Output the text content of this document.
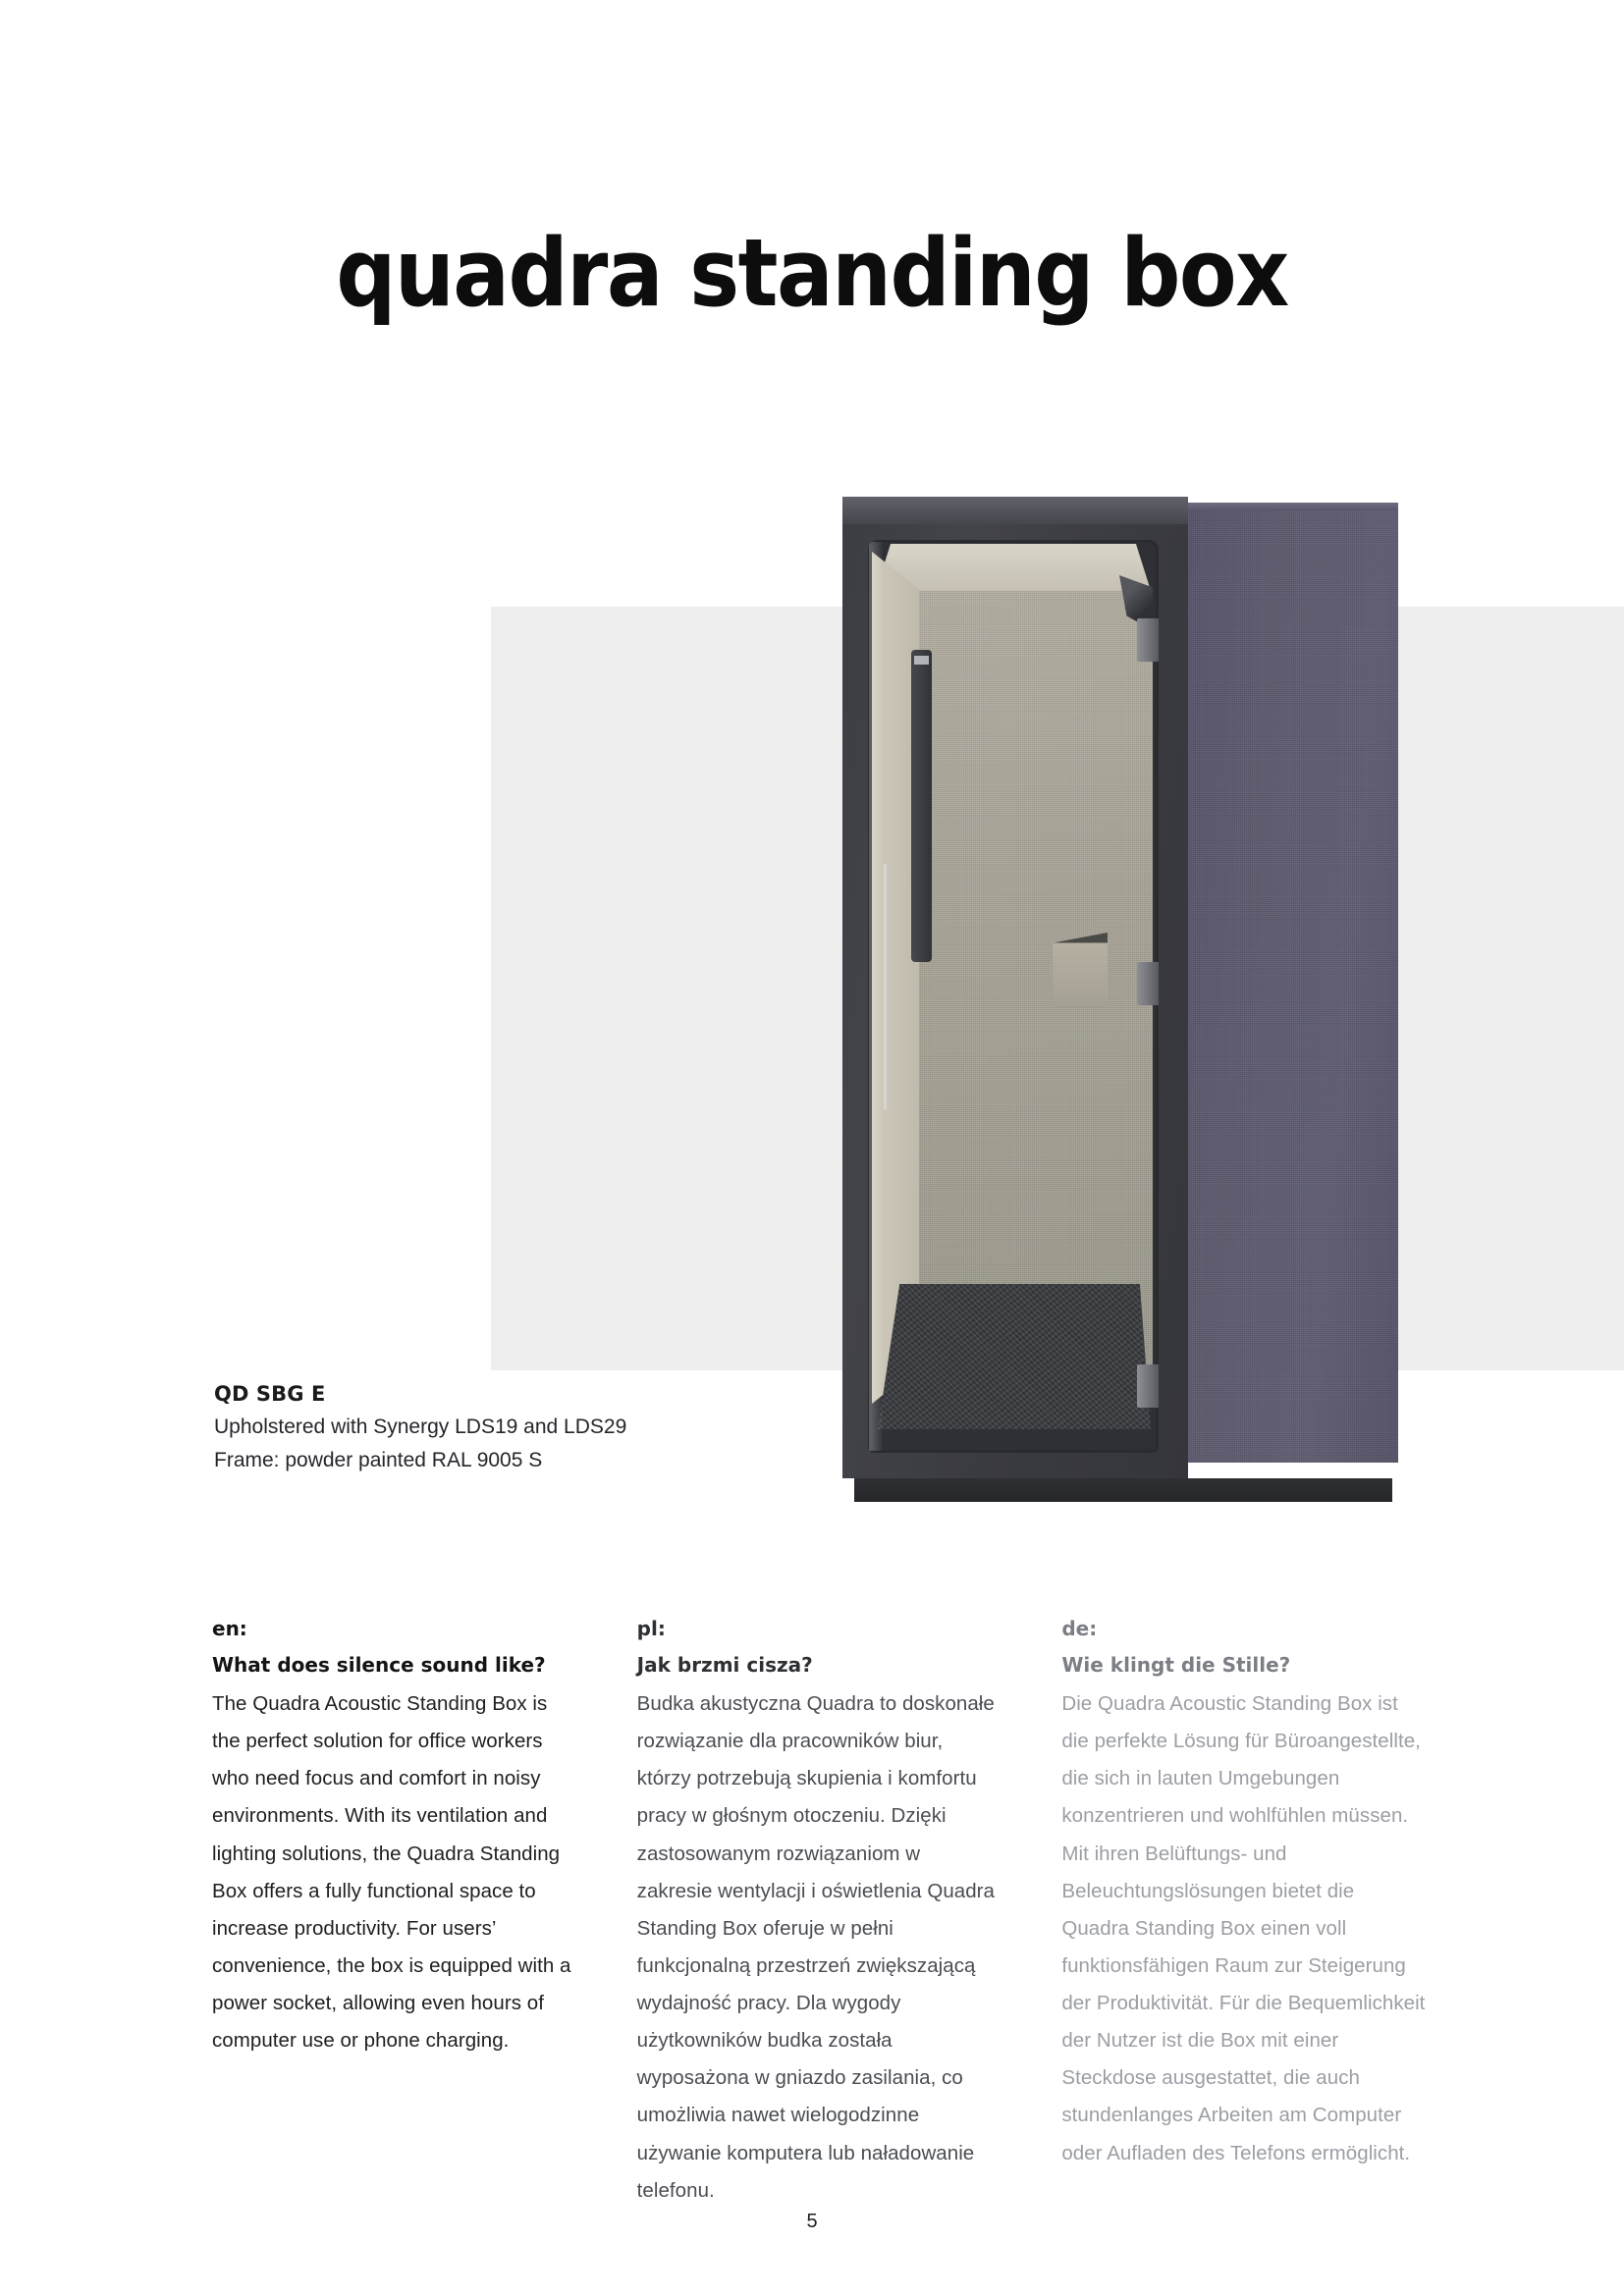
quadra standing box
QD SBG E
Upholstered with Synergy LDS19 and LDS29
Frame: powder painted RAL 9005 S
en:
What does silence sound like?
The Quadra Acoustic Standing Box is the perfect solution for office workers who need focus and comfort in noisy environments. With its ventilation and lighting solutions, the Quadra Standing Box offers a fully functional space to increase productivity. For users’ convenience, the box is equipped with a power socket, allowing even hours of computer use or phone charging.
pl:
Jak brzmi cisza?
Budka akustyczna Quadra to doskonałe rozwiązanie dla pracowników biur, którzy potrzebują skupienia i komfortu pracy w głośnym otoczeniu. Dzięki zastosowanym rozwiązaniom w zakresie wentylacji i oświetlenia Quadra Standing Box oferuje w pełni funkcjonalną przestrzeń zwiększającą wydajność pracy. Dla wygody użytkowników budka została wyposażona w gniazdo zasilania, co umożliwia nawet wielogodzinne używanie komputera lub naładowanie telefonu.
de:
Wie klingt die Stille?
Die Quadra Acoustic Standing Box ist die perfekte Lösung für Büroangestellte, die sich in lauten Umgebungen konzentrieren und wohlfühlen müssen. Mit ihren Belüftungs- und Beleuchtungslösungen bietet die Quadra Standing Box einen voll funktionsfähigen Raum zur Steigerung der Produktivität. Für die Bequemlichkeit der Nutzer ist die Box mit einer Steckdose ausgestattet, die auch stundenlanges Arbeiten am Computer oder Aufladen des Telefons ermöglicht.
5
